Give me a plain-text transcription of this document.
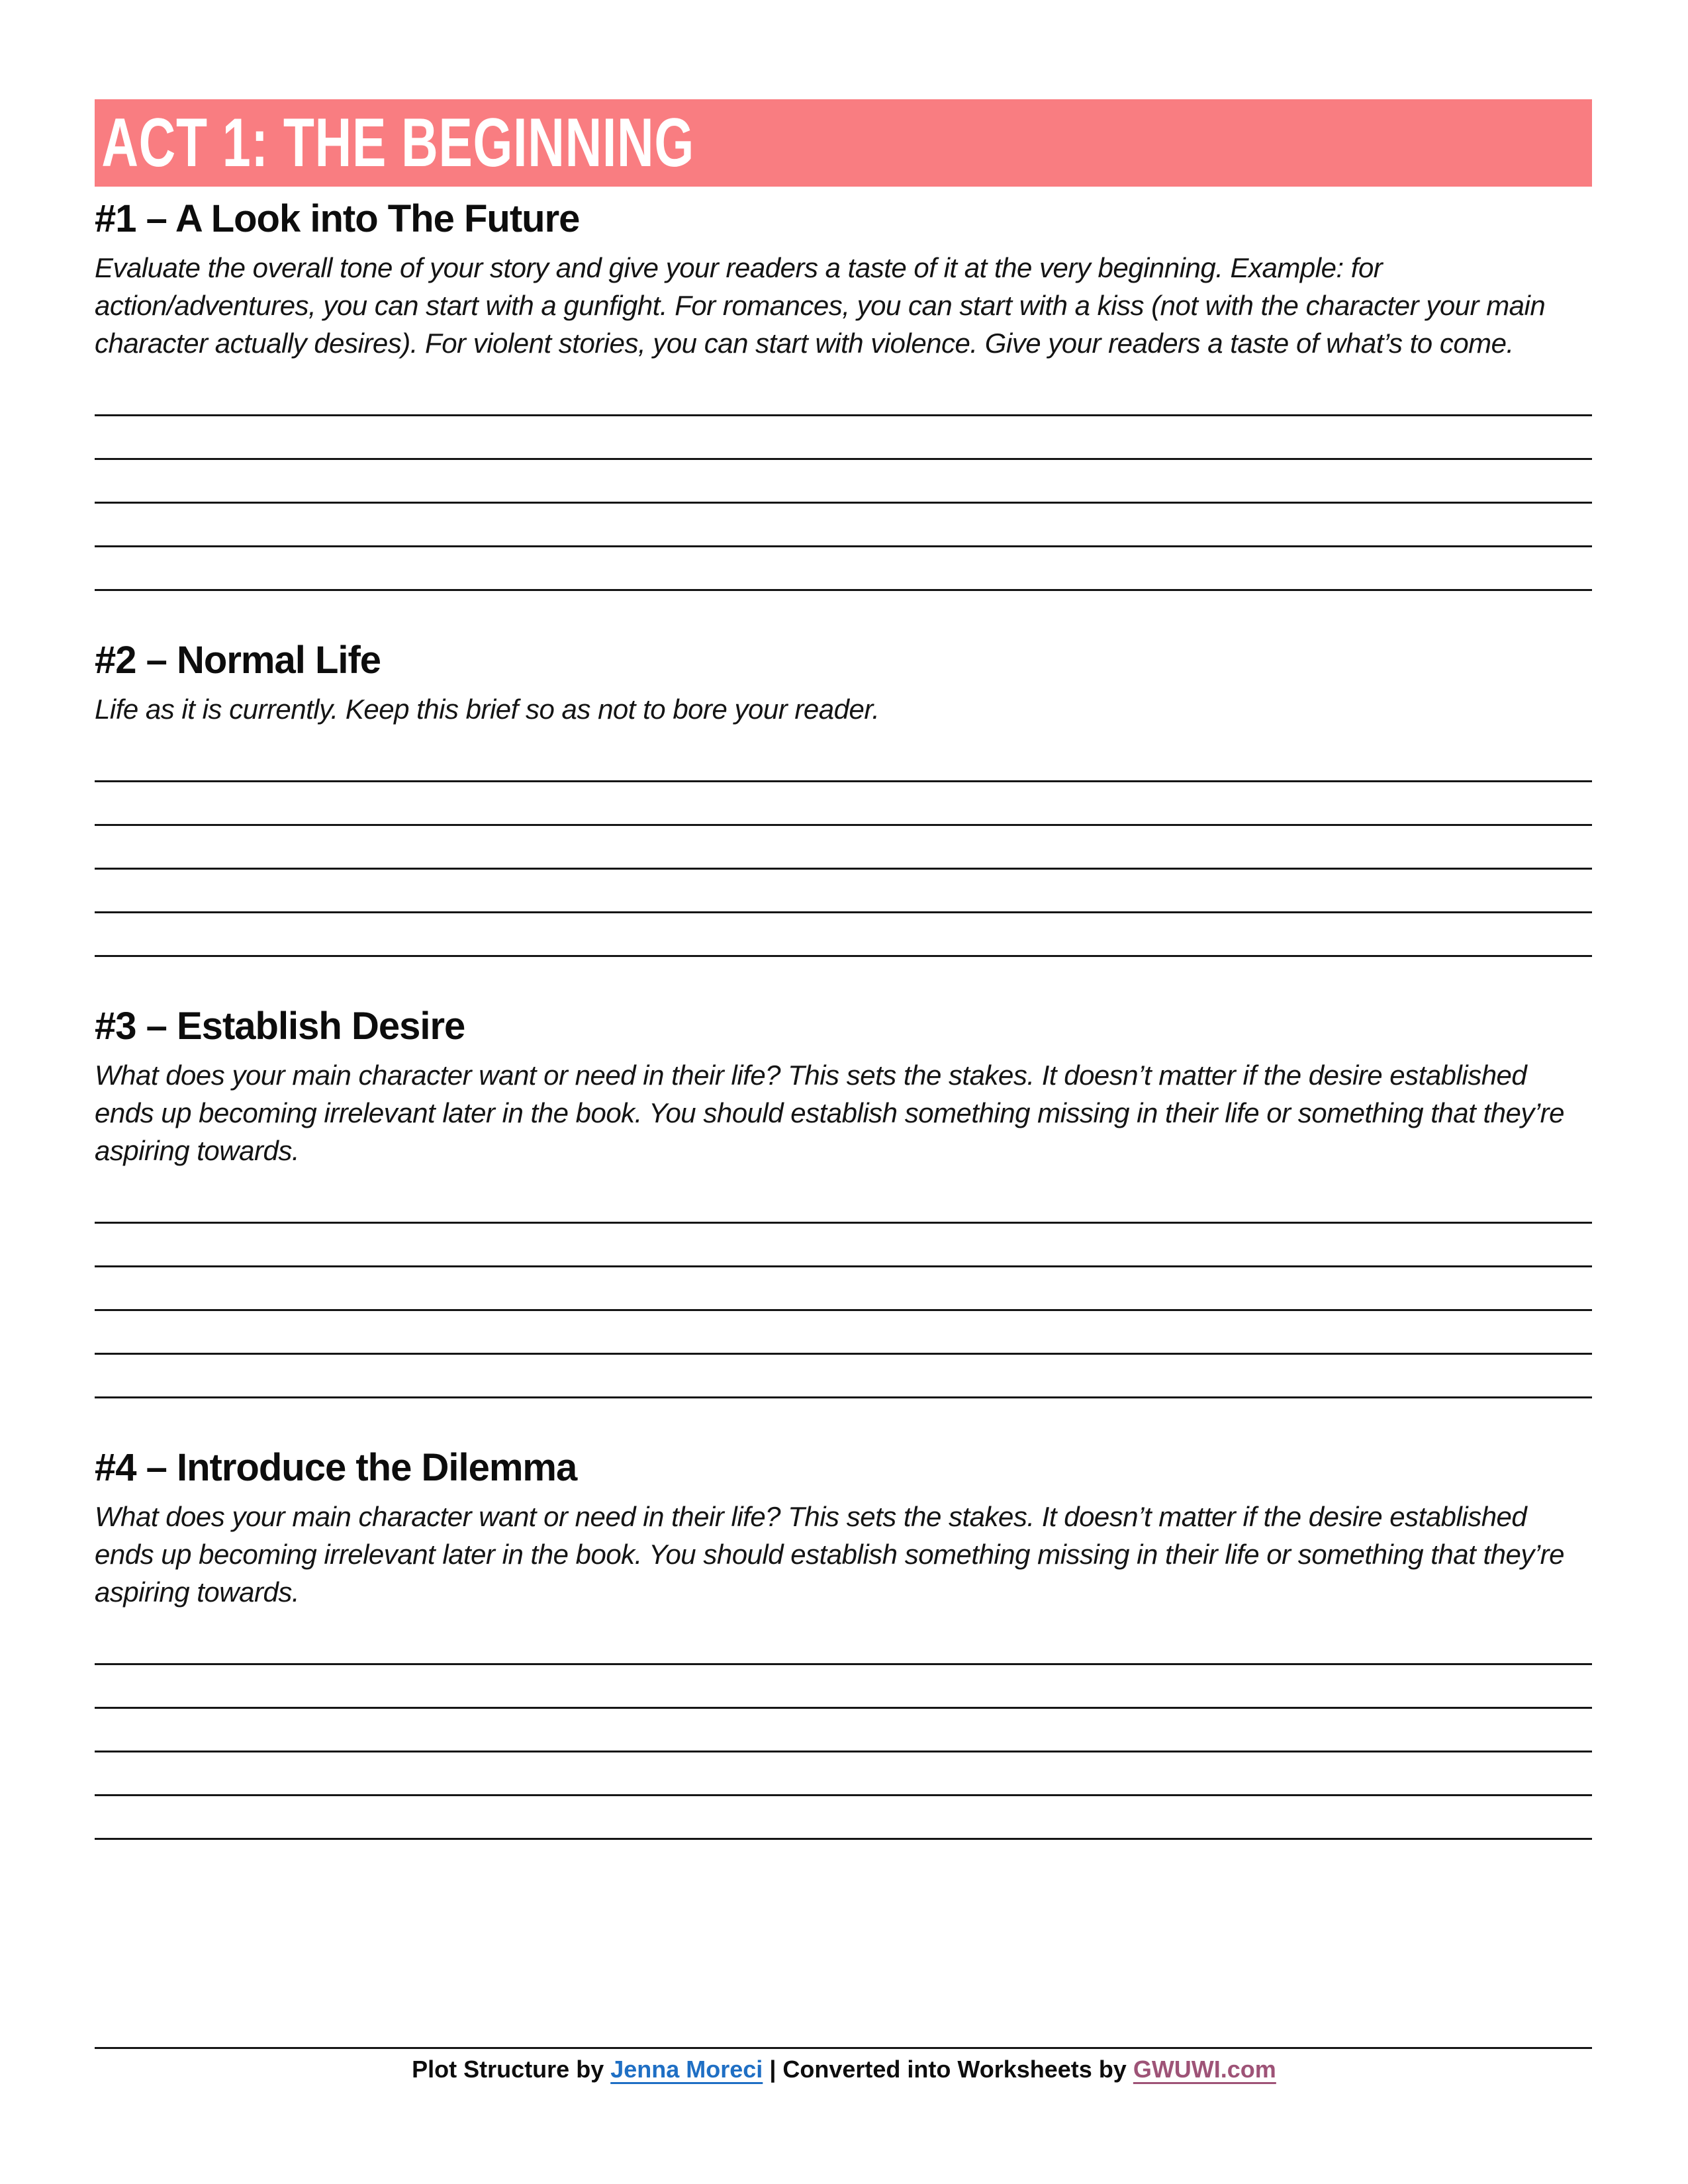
ACT 1: THE BEGINNING
#1 – A Look into The Future

Evaluate the overall tone of your story and give your readers a taste of it at the very beginning. Example: for action/adventures, you can start with a gunfight. For romances, you can start with a kiss (not with the character your main character actually desires). For violent stories, you can start with violence. Give your readers a taste of what’s to come.

#2 – Normal Life

Life as it is currently. Keep this brief so as not to bore your reader.

#3 – Establish Desire

What does your main character want or need in their life? This sets the stakes. It doesn’t matter if the desire established ends up becoming irrelevant later in the book. You should establish something missing in their life or something that they’re aspiring towards.

#4 – Introduce the Dilemma

What does your main character want or need in their life? This sets the stakes. It doesn’t matter if the desire established ends up becoming irrelevant later in the book. You should establish something missing in their life or something that they’re aspiring towards.

Plot Structure by Jenna Moreci | Converted into Worksheets by GWUWI.com
